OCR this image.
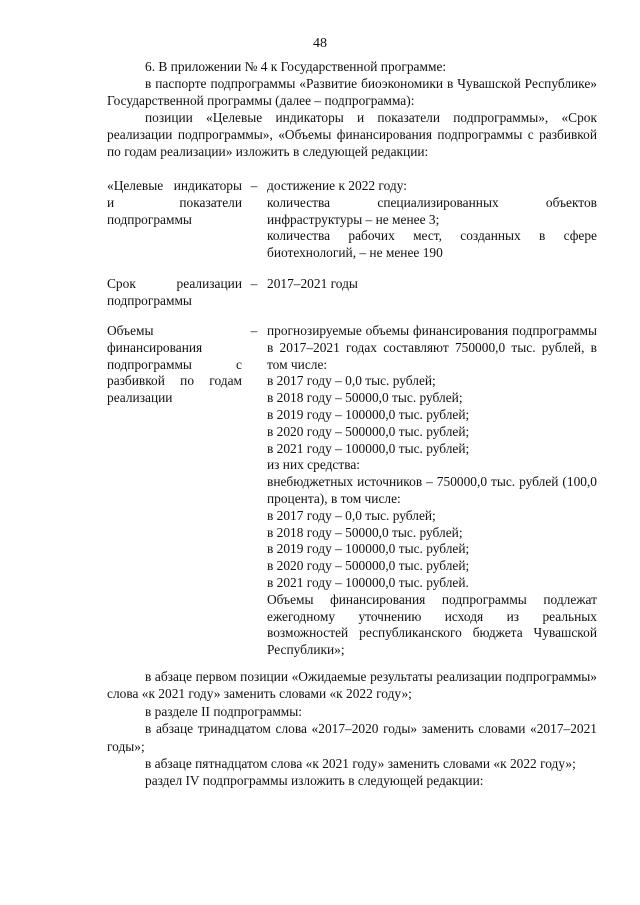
48

6. В приложении № 4 к Государственной программе:

в паспорте подпрограммы «Развитие биоэкономики в Чувашской Республике» Государственной программы (далее – подпрограмма):

позиции «Целевые индикаторы и показатели подпрограммы», «Срок реализации подпрограммы», «Объемы финансирования подпрограммы с разбивкой по годам реализации» изложить в следующей редакции:

«Целевые индикаторы и показатели подпрограммы
– достижение к 2022 году:

количества специализированных объектов инфраструктуры – не менее 3;

количества рабочих мест, созданных в сфере биотехнологий, – не менее 190

Срок реализации подпрограммы
– 2017–2021 годы

Объемы финансирования подпрограммы с разбивкой по годам реализации
– прогнозируемые объемы финансирования подпрограммы в 2017–2021 годах составляют 750000,0 тыс. рублей, в том числе:

в 2017 году – 0,0 тыс. рублей;

в 2018 году – 50000,0 тыс. рублей;

в 2019 году – 100000,0 тыс. рублей;

в 2020 году – 500000,0 тыс. рублей;

в 2021 году – 100000,0 тыс. рублей;

из них средства:

внебюджетных источников – 750000,0 тыс. рублей (100,0 процента), в том числе:

в 2017 году – 0,0 тыс. рублей;

в 2018 году – 50000,0 тыс. рублей;

в 2019 году – 100000,0 тыс. рублей;

в 2020 году – 500000,0 тыс. рублей;

в 2021 году – 100000,0 тыс. рублей.

Объемы финансирования подпрограммы подлежат ежегодному уточнению исходя из реальных возможностей республиканского бюджета Чувашской Республики»;

в абзаце первом позиции «Ожидаемые результаты реализации подпрограммы» слова «к 2021 году» заменить словами «к 2022 году»;

в разделе II подпрограммы:

в абзаце тринадцатом слова «2017–2020 годы» заменить словами «2017–2021 годы»;

в абзаце пятнадцатом слова «к 2021 году» заменить словами «к 2022 году»;

раздел IV подпрограммы изложить в следующей редакции:
